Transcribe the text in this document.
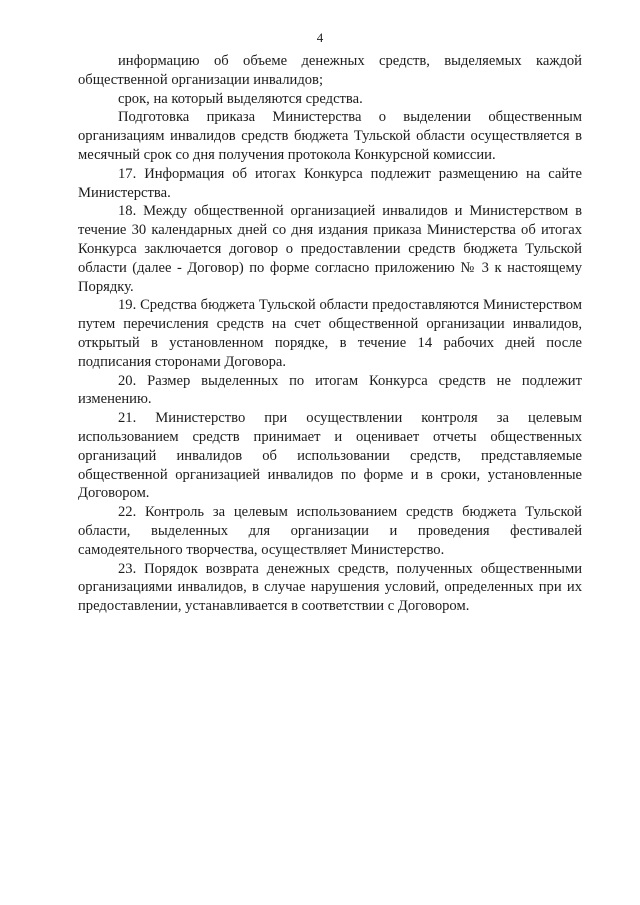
4

информацию об объеме денежных средств, выделяемых каждой общественной организации инвалидов;

срок, на который выделяются средства.

Подготовка приказа Министерства о выделении общественным организациям инвалидов средств бюджета Тульской области осуществляется в месячный срок со дня получения протокола Конкурсной комиссии.

17. Информация об итогах Конкурса подлежит размещению на сайте Министерства.

18. Между общественной организацией инвалидов и Министерством в течение 30 календарных дней со дня издания приказа Министерства об итогах Конкурса заключается договор о предоставлении средств бюджета Тульской области (далее - Договор) по форме согласно приложению № 3 к настоящему Порядку.

19. Средства бюджета Тульской области предоставляются Министерством путем перечисления средств на счет общественной организации инвалидов, открытый в установленном порядке, в течение 14 рабочих дней после подписания сторонами Договора.

20. Размер выделенных по итогам Конкурса средств не подлежит изменению.

21. Министерство при осуществлении контроля за целевым использованием средств принимает и оценивает отчеты общественных организаций инвалидов об использовании средств, представляемые общественной организацией инвалидов по форме и в сроки, установленные Договором.

22. Контроль за целевым использованием средств бюджета Тульской области, выделенных для организации и проведения фестивалей самодеятельного творчества, осуществляет Министерство.

23. Порядок возврата денежных средств, полученных общественными организациями инвалидов, в случае нарушения условий, определенных при их предоставлении, устанавливается в соответствии с Договором.
